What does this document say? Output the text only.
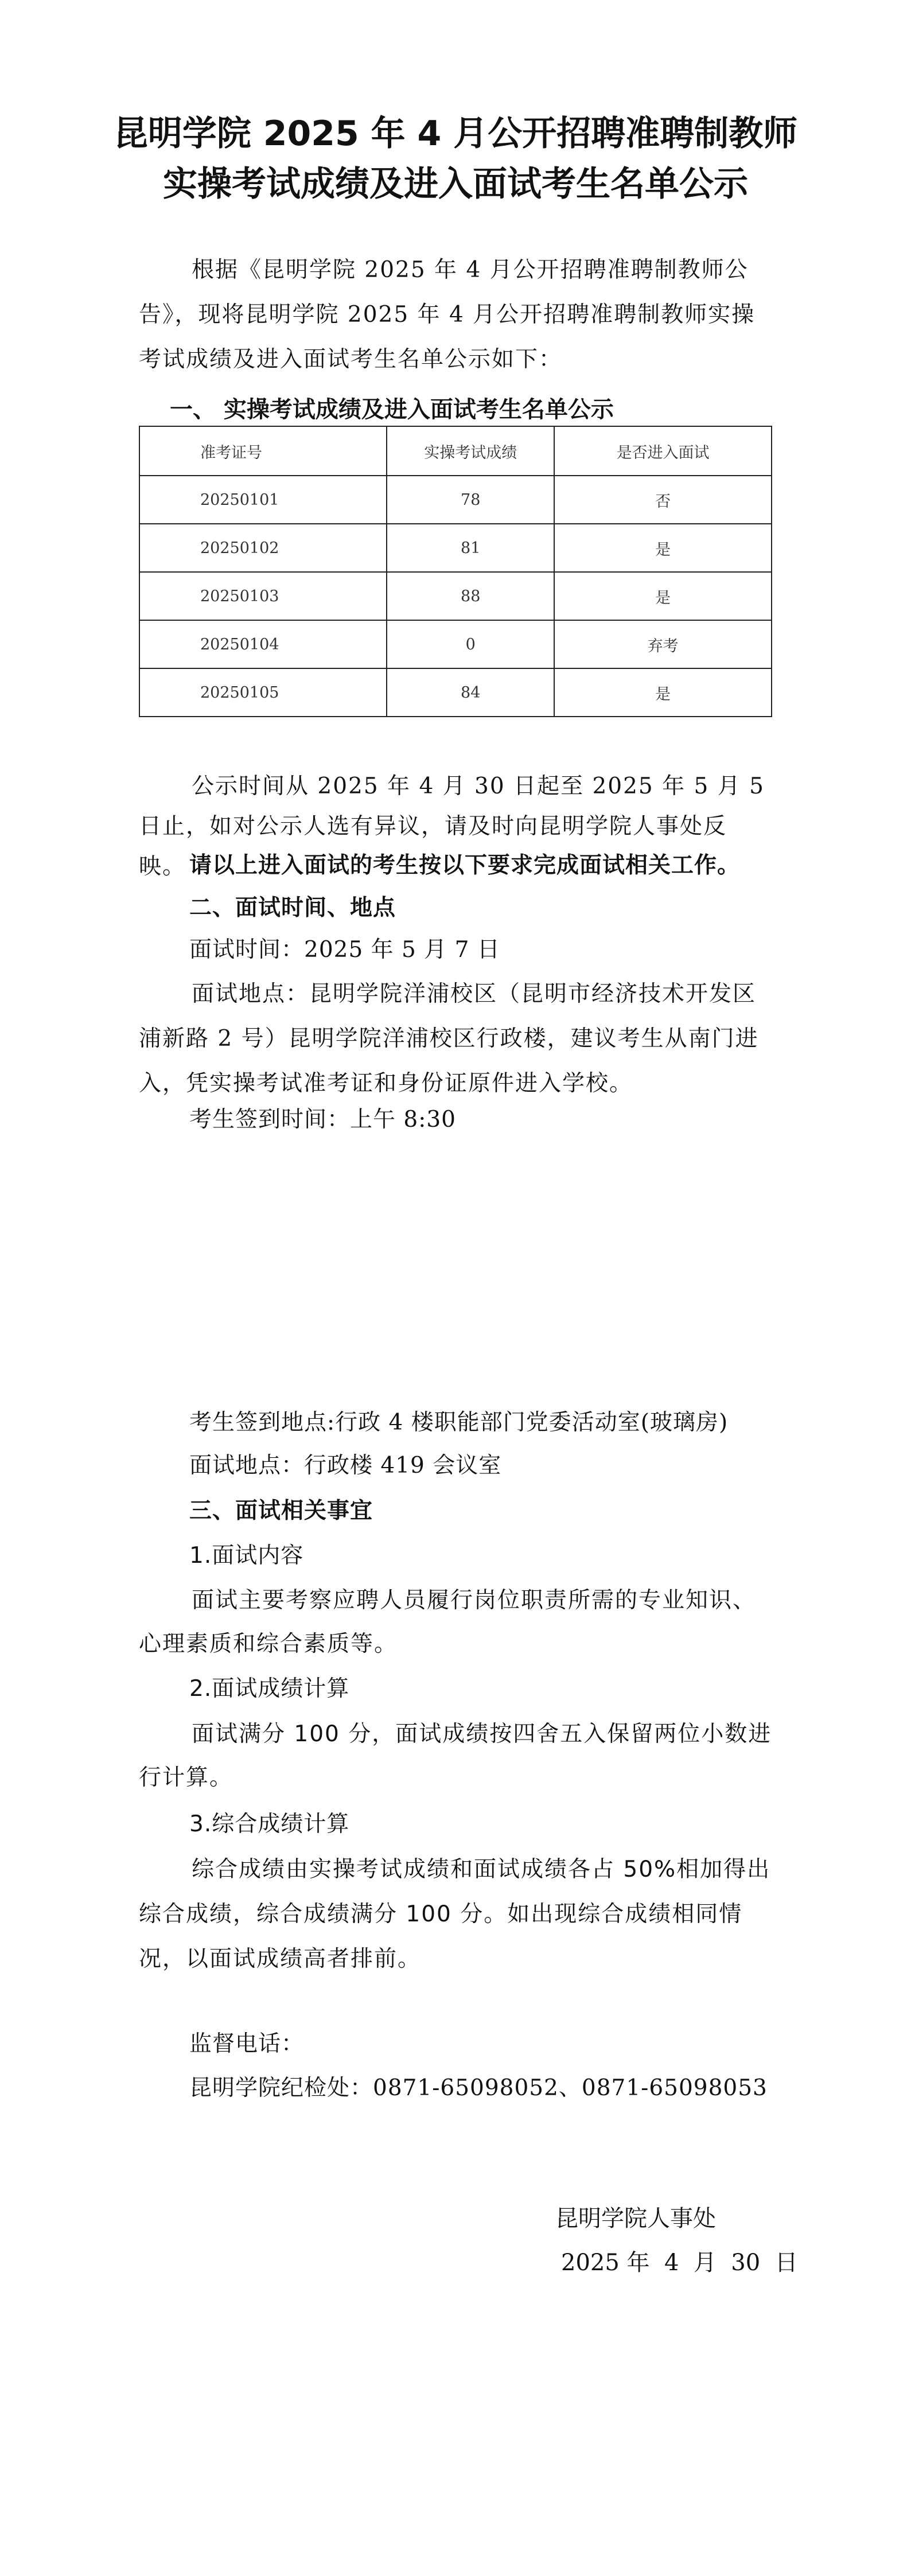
昆明学院 2025 年 4 月公开招聘准聘制教师
实操考试成绩及进入面试考生名单公示

根据《昆明学院 2025 年 4 月公开招聘准聘制教师公告》，现将昆明学院 2025 年 4 月公开招聘准聘制教师实操考试成绩及进入面试考生名单公示如下：

一、 实操考试成绩及进入面试考生名单公示
准考证号	实操考试成绩	是否进入面试
20250101	78	否
20250102	81	是
20250103	88	是
20250104	0	弃考
20250105	84	是

公示时间从 2025 年 4 月 30 日起至 2025 年 5 月 5 日止，如对公示人选有异议，请及时向昆明学院人事处反映。 请以上进入面试的考生按以下要求完成面试相关工作。
二、面试时间、地点
面试时间：2025 年 5 月 7 日

面试地点：昆明学院洋浦校区（昆明市经济技术开发区浦新路 2 号）昆明学院洋浦校区行政楼，建议考生从南门进入，凭实操考试准考证和身份证原件进入学校。

考生签到时间：上午 8:30
考生签到地点:行政 4 楼职能部门党委活动室(玻璃房)
面试地点：行政楼 419 会议室
三、面试相关事宜
1.面试内容

面试主要考察应聘人员履行岗位职责所需的专业知识、心理素质和综合素质等。

2.面试成绩计算

面试满分 100 分，面试成绩按四舍五入保留两位小数进行计算。

3.综合成绩计算

综合成绩由实操考试成绩和面试成绩各占 50%相加得出综合成绩，综合成绩满分 100 分。如出现综合成绩相同情况，以面试成绩高者排前。

监督电话：
昆明学院纪检处：0871-65098052、0871-65098053
昆明学院人事处
2025 年  4  月  30  日
